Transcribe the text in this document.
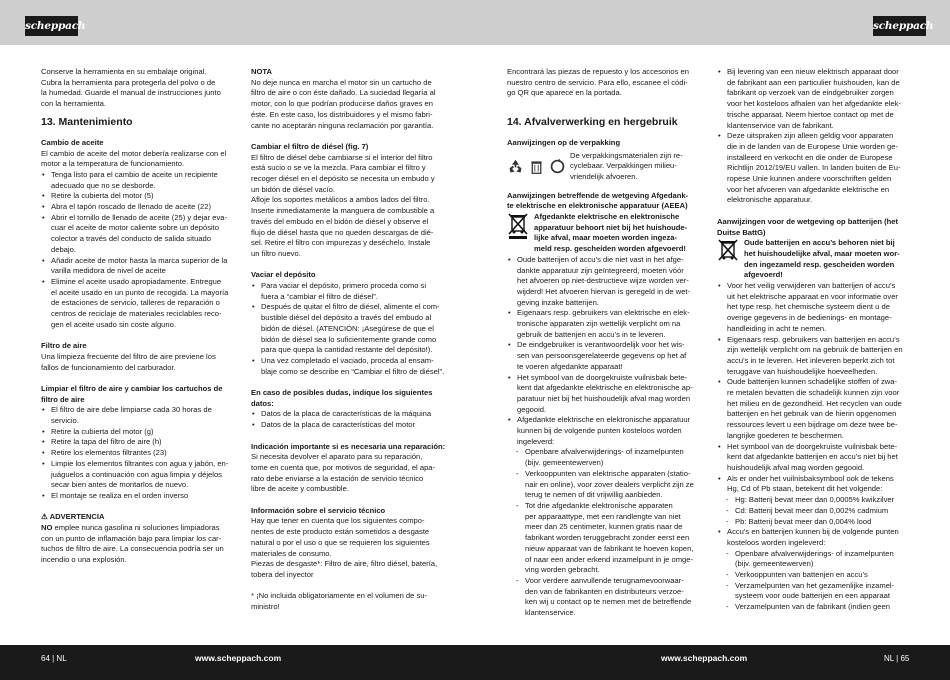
scheppach	scheppach

Conserve la herramienta en su embalaje original.
Cubra la herramienta para protegerla del polvo o de
la humedad. Guarde el manual de instrucciones junto
con la herramienta.

13. Mantenimiento

Cambio de aceite

El cambio de aceite del motor debería realizarse con el
motor a la temperatura de funcionamiento.

• Tenga listo para el cambio de aceite un recipiente
adecuado que no se desborde.
• Retire la cubierta del motor (5)
• Abra el tapón roscado de llenado de aceite (22)
• Abrir el tornillo de llenado de aceite (25) y dejar eva-
cuar el aceite de motor caliente sobre un depósito
colector a través del conducto de salida situado
debajo.
• Añadir aceite de motor hasta la marca superior de la
varilla medidora de nivel de aceite
• Elimine el aceite usado apropiadamente. Entregue
el aceite usado en un punto de recogida. La mayoría
de estaciones de servicio, talleres de reparación o
centros de reciclaje de materiales reciclables reco-
gen el aceite usado sin coste alguno.

Filtro de aire

Una limpieza frecuente del filtro de aire previene los
fallos de funcionamiento del carburador.

Limpiar el filtro de aire y cambiar los cartuchos de
filtro de aire

• El filtro de aire debe limpiarse cada 30 horas de
servicio.
• Retire la cubierta del motor (g)
• Retire la tapa del filtro de aire (h)
• Retire los elementos filtrantes (23)
• Limpie los elementos filtrantes con agua y jabón, en-
juáguelos a continuación con agua limpia y déjelos
secar bien antes de montarlos de nuevo.
• El montaje se realiza en el orden inverso

⚠ ADVERTENCIA

NO emplee nunca gasolina ni soluciones limpiadoras
con un punto de inflamación bajo para limpiar los car-
tuchos de filtro de aire. La consecuencia podría ser un
incendio o una explosión.

NOTA

No deje nunca en marcha el motor sin un cartucho de
filtro de aire o con éste dañado. La suciedad llegaría al
motor, con lo que podrían producirse daños graves en
éste. En este caso, los distribuidores y el mismo fabri-
cante no aceptarán ninguna reclamación por garantía.

Cambiar el filtro de diésel (fig. 7)

El filtro de diésel debe cambiarse si el interior del filtro
está sucio o se ve la mezcla. Para cambiar el filtro y
recoger diésel en el depósito se necesita un embudo y
un bidón de diésel vacío.
Afloje los soportes metálicos a ambos lados del filtro.
Inserte inmediatamente la manguera de combustible a
través del embudo en el bidón de diésel y observe el
flujo de diésel hasta que no queden descargas de dié-
sel. Retire el filtro con impurezas y deséchelo. Instale
un filtro nuevo.

Vaciar el depósito

• Para vaciar el depósito, primero proceda como si
fuera a “cambiar el filtro de diésel”.
• Después de quitar el filtro de diésel, alimente el com-
bustible diésel del depósito a través del embudo al
bidón de diésel. (ATENCIÓN: ¡Asegúrese de que el
bidón de diésel sea lo suficientemente grande como
para que quepa la cantidad restante del depósito!).
• Una vez completado el vaciado, proceda al ensam-
blaje como se describe en “Cambiar el filtro de diésel”.

En caso de posibles dudas, indique los siguientes
datos:

• Datos de la placa de características de la máquina
• Datos de la placa de características del motor

Indicación importante si es necesaria una reparación:

Si necesita devolver el aparato para su reparación,
tome en cuenta que, por motivos de seguridad, el apa-
rato debe enviarse a la estación de servicio técnico
libre de aceite y combustible.

Información sobre el servicio técnico

Hay que tener en cuenta que los siguientes compo-
nentes de este producto están sometidos a desgaste
natural o por el uso o que se requieren los siguientes
materiales de consumo.
Piezas de desgaste*: Filtro de aire, filtro diésel, batería,
tobera del inyector

* ¡No incluida obligatoriamente en el volumen de su-
ministro!

Encontrará las piezas de repuesto y los accesorios en
nuestro centro de servicio. Para ello, escanee el códi-
go QR que aparece en la portada.

14. Afvalverwerking en hergebruik

Aanwijzingen op de verpakking

De verpakkingsmaterialen zijn re-
cyclebaar. Verpakkingen milieu-
vriendelijk afvoeren.

Aanwijzingen betreffende de wetgeving Afgedank-
te elektrische en elektronische apparatuur (AEEA)

Afgedankte elektrische en elektronische
apparatuur behoort niet bij het huishoude-
lijke afval, maar moeten worden ingeza-
meld resp. gescheiden worden afgevoerd!

• Oude batterijen of accu’s die niet vast in het afge-
dankte apparatuur zijn geïntegreerd, moeten vóór
het afvoeren op niet-destructieve wijze worden ver-
wijderd! Het afvoeren hiervan is geregeld in de wet-
geving inzake batterijen.
• Eigenaars resp. gebruikers van elektrische en elek-
tronische apparaten zijn wettelijk verplicht om na
gebruik de batterijen en accu’s in te leveren.
• De eindgebruiker is verantwoordelijk voor het wis-
sen van persoonsgerelateerde gegevens op het af
te voeren afgedankte apparaat!
• Het symbool van de doorgekruiste vuilnisbak bete-
kent dat afgedankte elektrische en elektronische ap-
paratuur niet bij het huishoudelijk afval mag worden
gegooid.
• Afgedankte elektrische en elektronische apparatuur
kunnen bij de volgende punten kosteloos worden
ingeleverd:
- Openbare afvalverwijderings- of inzamelpunten
(bijv. gemeentewerven)
- Verkooppunten van elektrische apparaten (statio-
nair en online), voor zover dealers verplicht zijn ze
terug te nemen of dit vrijwillig aanbieden.
- Tot drie afgedankte elektronische apparaten
per apparaattype, met een randlengte van niet
meer dan 25 centimeter, kunnen gratis naar de
fabrikant worden teruggebracht zonder eerst een
nieuw apparaat van de fabrikant te hoeven kopen,
of naar een ander erkend inzamelpunt in je omge-
ving worden gebracht.
- Voor verdere aanvullende terugnamevoorwaar-
den van de fabrikanten en distributeurs verzoe-
ken wij u contact op te nemen met de betreffende
klantenservice.
• Bij levering van een nieuw elektrisch apparaat door
de fabrikant aan een particulier huishouden, kan de
fabrikant op verzoek van de eindgebruiker zorgen
voor het kosteloos afhalen van het afgedankte elek-
trische apparaat. Neem hiertoe contact op met de
klantenservice van de fabrikant.
• Deze uitspraken zijn alleen geldig voor apparaten
die in de landen van de Europese Unie worden ge-
installeerd en verkocht en die onder de Europese
Richtlijn 2012/19/EU vallen. In landen buiten de Eu-
ropese Unie kunnen andere voorschriften gelden
voor het afvoeren van afgedankte elektrische en
elektronische apparatuur.

Aanwijzingen voor de wetgeving op batterijen (het
Duitse BattG)

Oude batterijen en accu’s behoren niet bij
het huishoudelijke afval, maar moeten wor-
den ingezameld resp. gescheiden worden
afgevoerd!

• Voor het veilig verwijderen van batterijen of accu’s
uit het elektrische apparaat en voor informatie over
het type resp. het chemische systeem dient u de
overige gegevens in de bedienings- en montage-
handleiding in acht te nemen.
• Eigenaars resp. gebruikers van batterijen en accu’s
zijn wettelijk verplicht om na gebruik de batterijen en
accu’s in te leveren. Het inleveren beperkt zich tot
teruggave van huishoudelijke hoeveelheden.
• Oude batterijen kunnen schadelijke stoffen of zwa-
re metalen bevatten die schadelijk kunnen zijn voor
het milieu en de gezondheid. Het recyclen van oude
batterijen en het gebruik van de hierin opgenomen
ressources levert u een bijdrage om deze twee be-
langrijke goederen te beschermen.
• Het symbool van de doorgekruiste vuilnisbak bete-
kent dat afgedankte batterijen en accu’s niet bij het
huishoudelijk afval mag worden gegooid.
• Als er onder het vuilnisbaksymbool ook de tekens
Hg, Cd of Pb staan, betekent dit het volgende:
- Hg: Batterij bevat meer dan 0,0005% kwikzilver
- Cd: Batterij bevat meer dan 0,002% cadmium
- Pb: Batterij bevat meer dan 0,004% lood
• Accu’s en batterijen kunnen bij de volgende punten
kosteloos worden ingeleverd:
- Openbare afvalverwijderings- of inzamelpunten
(bijv. gemeentewerven)
- Verkooppunten van batterijen en accu’s
- Verzamelpunten van het gezamenlijke inzamel-
systeem voor oude batterijen en een apparaat
- Verzamelpunten van de fabrikant (indien geen
64 | NL	www.scheppach.com	www.scheppach.com	NL | 65
